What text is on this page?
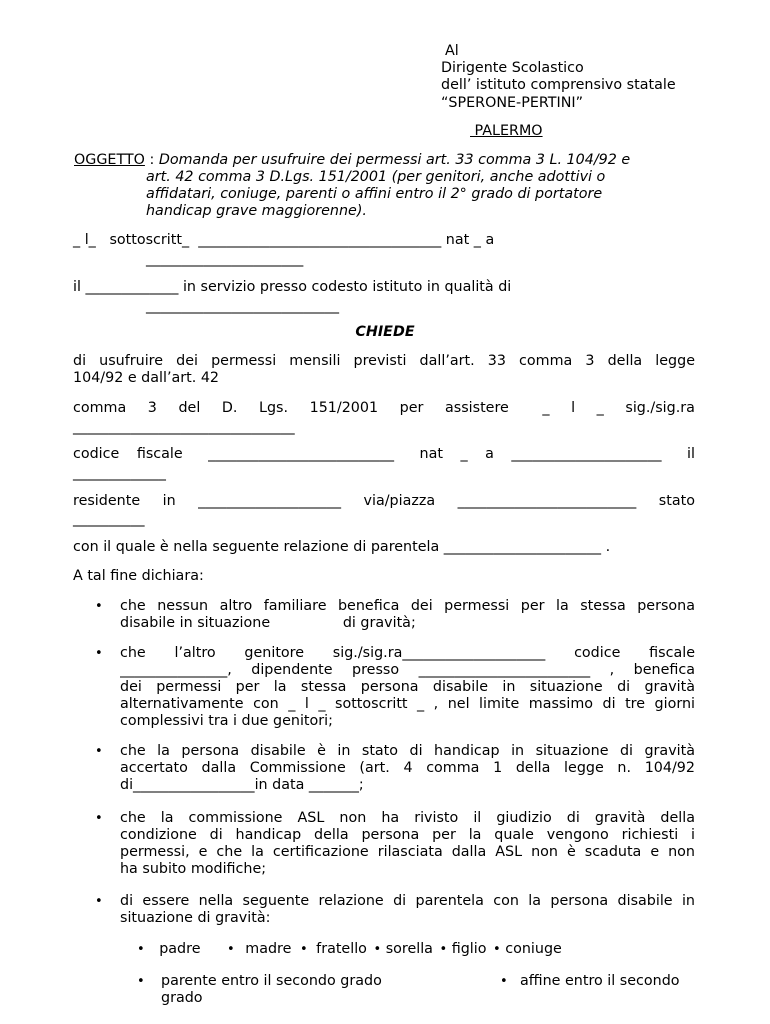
Al
Dirigente Scolastico
dell’ istituto comprensivo statale
“SPERONE-PERTINI”
PALERMO
OGGETTO : Domanda per usufruire dei permessi art. 33 comma 3 L. 104/92 e
art. 42 comma 3 D.Lgs. 151/2001 (per genitori, anche adottivi o
affidatari, coniuge, parenti o affini entro il 2° grado di portatore
handicap grave maggiorenne).
_ l_   sottoscritt_  __________________________________ nat _ a
______________________
il _____________ in servizio presso codesto istituto in qualità di
___________________________
CHIEDE
di usufruire dei permessi mensili previsti dall’art. 33 comma 3 della legge
104/92 e dall’art. 42
comma 3 del D. Lgs. 151/2001 per assistere _ l _ sig./sig.ra
_______________________________
codice fiscale __________________________ nat _ a _____________________ il
_____________
residente in ____________________ via/piazza _________________________ stato
__________
con il quale è nella seguente relazione di parentela ______________________ .
A tal fine dichiara:
• che nessun altro familiare benefica dei permessi per la stessa persona
disabile in situazione                di gravità;
• che   l’altro   genitore   sig./sig.ra____________________   codice   fiscale
_______________, dipendente presso ________________________ , benefica
dei permessi per la stessa persona disabile in situazione di gravità
alternativamente con _ l _ sottoscritt _ , nel limite massimo di tre giorni
complessivi tra i due genitori;
• che la persona disabile è in stato di handicap in situazione di gravità
accertato dalla Commissione (art. 4 comma 1 della legge n. 104/92
di_________________in data _______;
• che la commissione ASL non ha rivisto il giudizio di gravità della
condizione di handicap della persona per la quale vengono richiesti i
permessi, e che la certificazione rilasciata dalla ASL non è scaduta e non
ha subito modifiche;
• di essere nella seguente relazione di parentela con la persona disabile in
situazione di gravità:
• padre • madre • fratello • sorella • figlio • coniuge
• parente entro il secondo grado
grado
• affine entro il secondo
